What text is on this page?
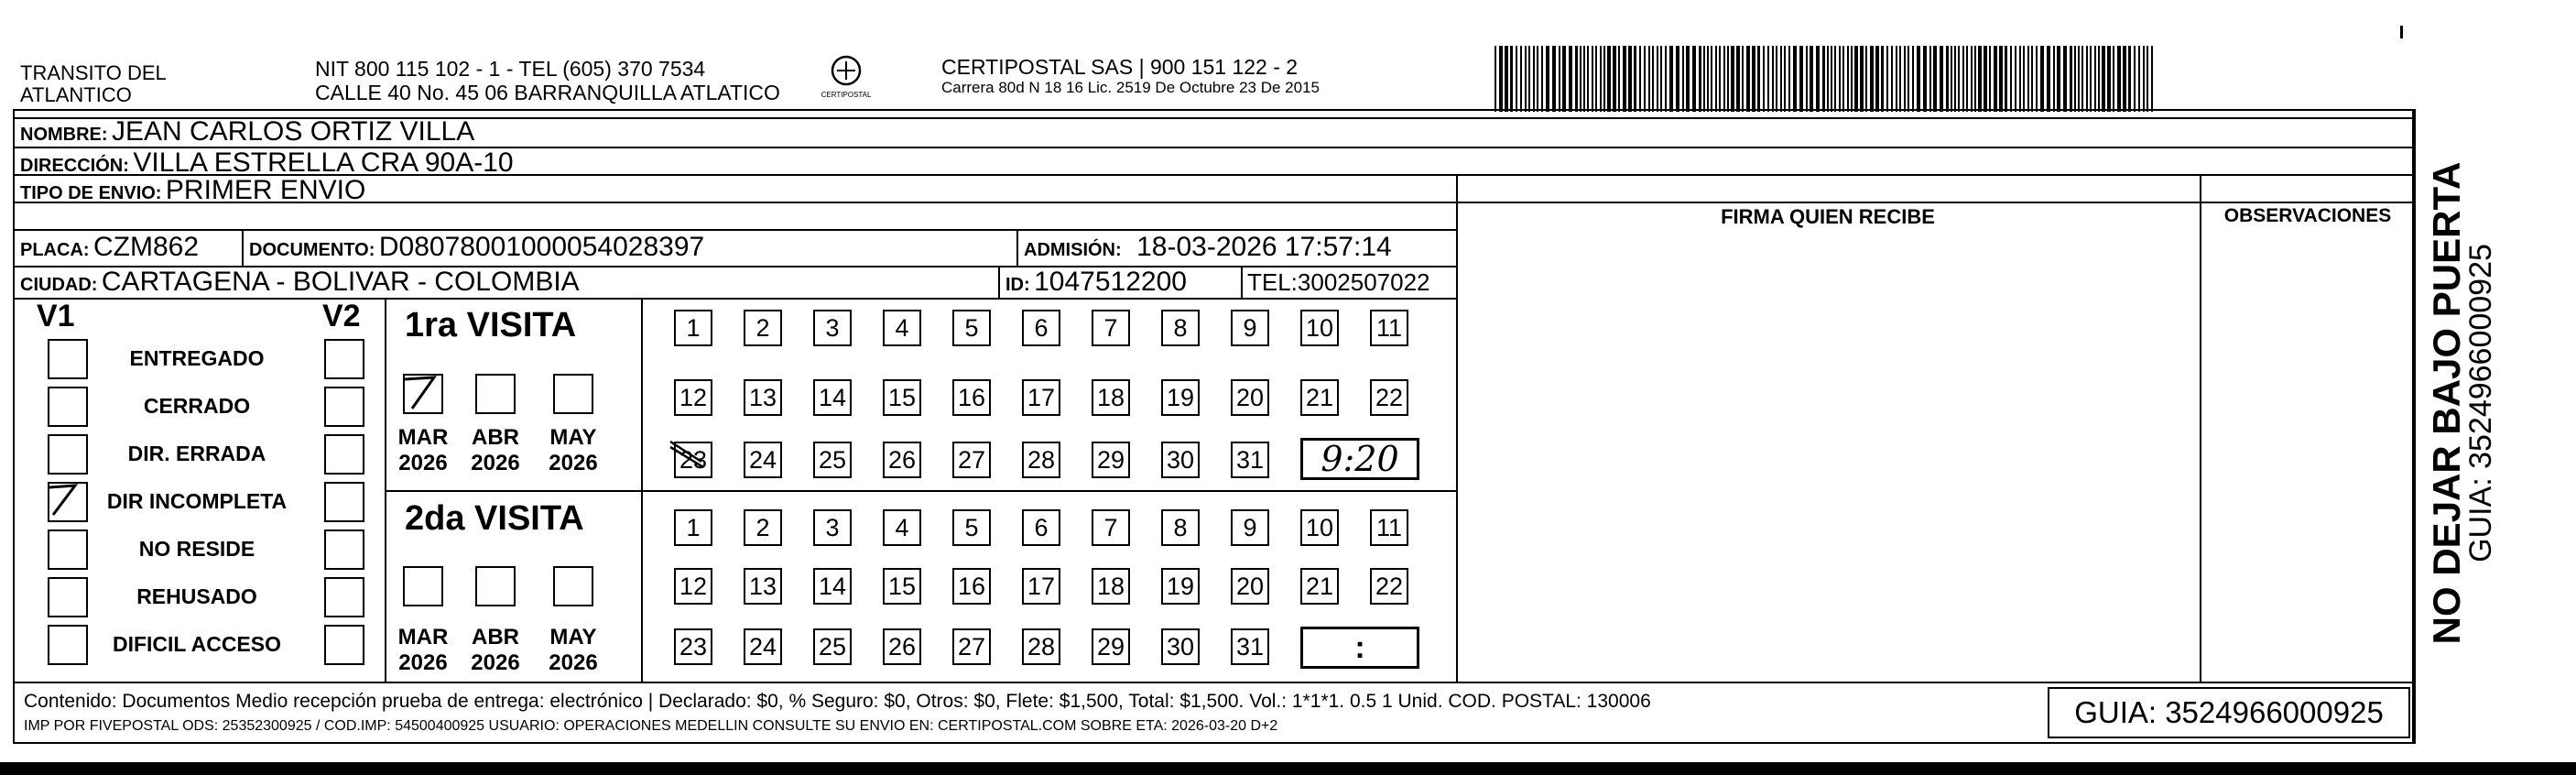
TRANSITO DEL
ATLANTICO
NIT 800 115 102 - 1 - TEL (605) 370 7534
CALLE 40 No. 45 06 BARRANQUILLA ATLATICO	CERTIPOSTAL
CERTIPOSTAL SAS | 900 151 122 - 2
Carrera 80d N 18 16 Lic. 2519 De Octubre 23 De 2015
NOMBRE: JEAN CARLOS ORTIZ VILLA
DIRECCIÓN: VILLA ESTRELLA CRA 90A-10
TIPO DE ENVIO: PRIMER ENVIO
FIRMA QUIEN RECIBE	OBSERVACIONES
PLACA: CZM862	DOCUMENTO: D08078001000054028397	ADMISIÓN: 18-03-2026 17:57:14
CIUDAD: CARTAGENA - BOLIVAR - COLOMBIA	ID: 1047512200	TEL:3002507022
V1	V2
ENTREGADO
CERRADO
DIR. ERRADA
DIR INCOMPLETA
NO RESIDE
REHUSADO
DIFICIL ACCESO
1ra VISITA
MAR
2026
ABR
2026
MAY
2026
2da VISITA
MAR
2026
ABR
2026
MAY
2026
1	2	3	4	5	6	7	8	9	10 11
12 13 14 15 16 17 18 19 20 21 22
23 24 25 26 27 28 29 30 31	9:20
1	2	3	4	5	6	7	8	9	10 11
12 13 14 15 16 17 18 19 20 21 22
23 24 25 26 27 28 29 30 31	:
Contenido: Documentos Medio recepción prueba de entrega: electrónico | Declarado: $0, % Seguro: $0, Otros: $0, Flete: $1,500, Total: $1,500. Vol.: 1*1*1. 0.5 1 Unid. COD. POSTAL: 130006
IMP POR FIVEPOSTAL ODS: 25352300925 / COD.IMP: 54500400925 USUARIO: OPERACIONES MEDELLIN CONSULTE SU ENVIO EN: CERTIPOSTAL.COM SOBRE ETA: 2026-03-20 D+2	GUIA: 3524966000925
NO DEJAR BAJO PUERTA
GUIA: 3524966000925
